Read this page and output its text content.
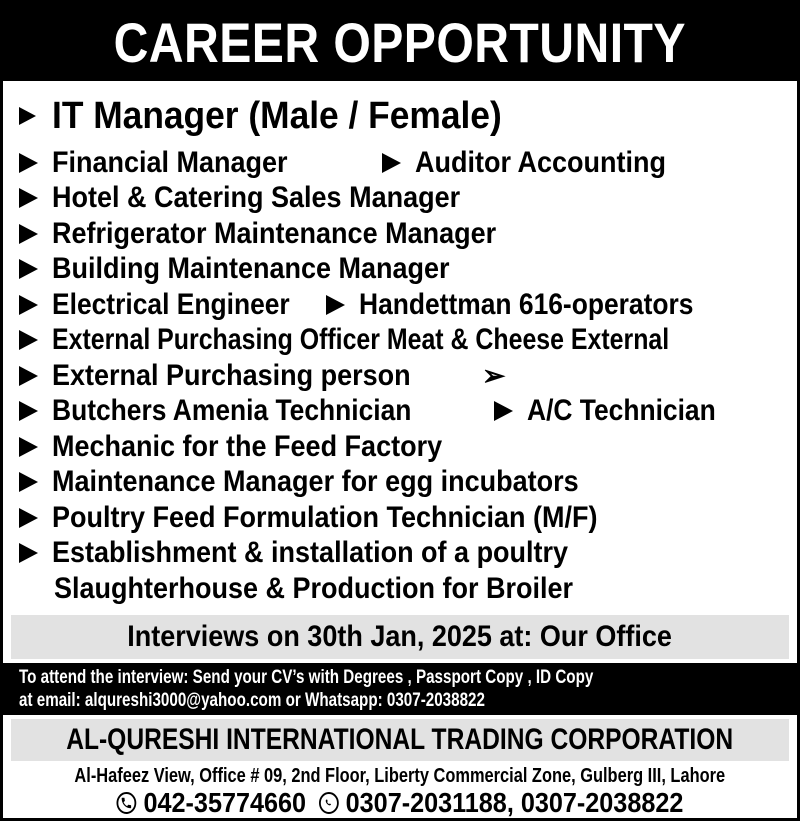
CAREER OPPORTUNITY
IT Manager (Male / Female)
Financial Manager	Auditor Accounting
Hotel & Catering Sales Manager
Refrigerator Maintenance Manager
Building Maintenance Manager
Electrical Engineer Handettman 616-operators
External Purchasing Officer Meat & Cheese External
External Purchasing person	➢
Butchers Amenia Technician	A/C Technician
Mechanic for the Feed Factory
Maintenance Manager for egg incubators
Poultry Feed Formulation Technician (M/F)
Establishment & installation of a poultry
Slaughterhouse & Production for Broiler
Interviews on 30th Jan, 2025 at: Our Office
To attend the interview: Send your CV’s with Degrees , Passport Copy , ID Copy
at email: alqureshi3000@yahoo.com or Whatsapp: 0307-2038822
AL-QURESHI INTERNATIONAL TRADING CORPORATION
Al-Hafeez View, Office # 09, 2nd Floor, Liberty Commercial Zone, Gulberg III, Lahore
042-35774660 0307-2031188, 0307-2038822
